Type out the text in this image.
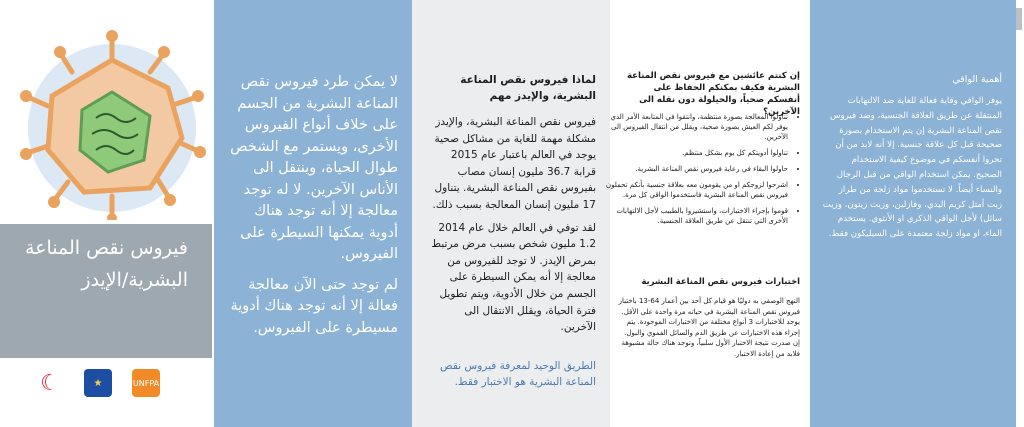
فيروس نقص المناعة
البشرية/الإيدز
☾	★	UNFPA

لا يمكن طرد فيروس نقص المناعة البشرية من الجسم على خلاف أنواع الفيروس الأخرى، ويستمر مع الشخص طوال الحياة، وينتقل الى الأناس الآخرين. لا له توجد معالجة إلا أنه توجد هناك أدوية يمكنها السيطرة على الفيروس.

لم توجد حتى الآن معالجة فعالة إلا أنه توجد هناك أدوية مسيطرة على الفيروس.

لماذا فيروس نقص المناعة البشرية، والإيدز مهم

فيروس نقص المناعة البشرية، والإيدز مشكلة مهمة للغاية من مشاكل صحية يوجد في العالم باعتبار عام 2015 قرابة 36.7 مليون إنسان مصاب بفيروس نقص المناعة البشرية. يتناول 17 مليون إنسان المعالجة بسبب ذلك.

لقد توفي في العالم خلال عام 2014 1.2 مليون شخص بسبب مرض مرتبط بمرض الإيدز. لا توجد للفيروس من معالجة إلا أنه يمكن السيطرة على الجسم من خلال الأدوية، ويتم تطويل فترة الحياة، ويقلل الانتقال الى الآخرين.

الطريق الوحيد لمعرفة فيروس نقص المناعة البشرية هو الاختبار فقط.
إن كنتم عائشين مع فيروس نقص المناعة البشرية فكيف بمكنكم الحفاظ على أنفسكم صحياً، والحيلولة دون نقله الى الآخرين؟
• تناولوا المعالجة بصورة منتظمة، وانتقوا في المتابعة الأمر الذي يوفر لكم العيش بصورة صحية، ويقلل من انتقال الفيروس الى الآخرين.
• تناولوا أدويتكم كل يوم بشكل منتظم.
• حاولوا البقاء في رعاية فيروس نقص المناعة البشرية.
• اشرحوا لزوجكم او من يقومون معه بعلاقة جنسية بأنكم تحملون فيروس نقص المناعة البشرية فاستخدموا الواقي كل مرة.
• قوموا بإجراء الاختبارات، واستشيروا بالطبيب لأجل الالتهابات الأخرى التي تنتقل عن طريق العلاقة الجنسية.
اختبارات فيروس نقص المناعة البشرية
النهج الوصفي به دوليًا هو قيام كل أحد بين أعمار 64-13 باختبار فيروس نقص المناعة البشرية في حياته مرة واحدة على الأقل. يوجد للاختبارات 3 أنواع مختلفة من الاختبارات الموجودة. يتم إجراء هذه الاختبارات عن طريق الدم والسائل الفموي والبول. إن صدرت نتيجة الاختبار الأول سلبياً، وتوجد هناك حالة مشبوهة فلابد من إعادة الاختبار.
أهمية الواقي
يوفر الواقي وقاية فعالة للغاية ضد الالتهابات المنتقلة عن طريق العلاقة الجنسية، وضد فيروس نقص المناعة البشرية إن يتم الاستخدام بصورة صحيحة قبل كل علاقة جنسية. إلا أنه لابد من أن تحروا أنفسكم في موضوع كيفية الاستخدام الصحيح. يمكن استخدام الواقي من قبل الرجال والنساء أيضاً. لا تستخدموا مواد زلجة من طراز زيت أمثل كريم اليدي، وفازلين، وزيت زيتون، وزيت سائل) لأجل الواقي الذكري او الأنثوي. يستخدم الماء، او مواد زلجة معتمدة على السيليكون فقط.
